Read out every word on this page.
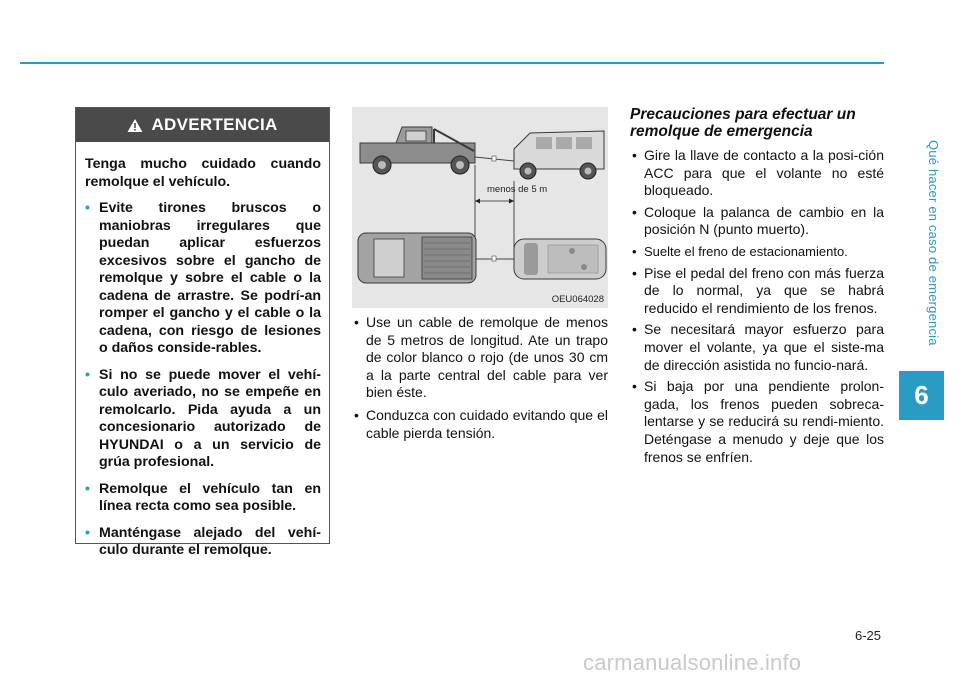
Qué hacer en caso de emergencia
6
ADVERTENCIA

Tenga mucho cuidado cuando remolque el vehículo.

• Evite tirones bruscos o maniobras irregulares que puedan aplicar esfuerzos excesivos sobre el gancho de remolque y sobre el cable o la cadena de arrastre. Se podrí-an romper el gancho y el cable o la cadena, con riesgo de lesiones o daños conside-rables.
• Si no se puede mover el vehí-culo averiado, no se empeñe en remolcarlo. Pida ayuda a un concesionario autorizado de HYUNDAI o a un servicio de grúa profesional.
• Remolque el vehículo tan en línea recta como sea posible.
• Manténgase alejado del vehí-culo durante el remolque.
menos de 5 m
OEU064028
• Use un cable de remolque de menos de 5 metros de longitud. Ate un trapo de color blanco o rojo (de unos 30 cm a la parte central del cable para ver bien éste.
• Conduzca con cuidado evitando que el cable pierda tensión.
Precauciones para efectuar un remolque de emergencia
• Gire la llave de contacto a la posi-ción ACC para que el volante no esté bloqueado.
• Coloque la palanca de cambio en la posición N (punto muerto).
• Suelte el freno de estacionamiento.
• Pise el pedal del freno con más fuerza de lo normal, ya que se habrá reducido el rendimiento de los frenos.
• Se necesitará mayor esfuerzo para mover el volante, ya que el siste-ma de dirección asistida no funcio-nará.
• Si baja por una pendiente prolon-gada, los frenos pueden sobreca-lentarse y se reducirá su rendi-miento. Deténgase a menudo y deje que los frenos se enfríen.
6-25
carmanualsonline.info
